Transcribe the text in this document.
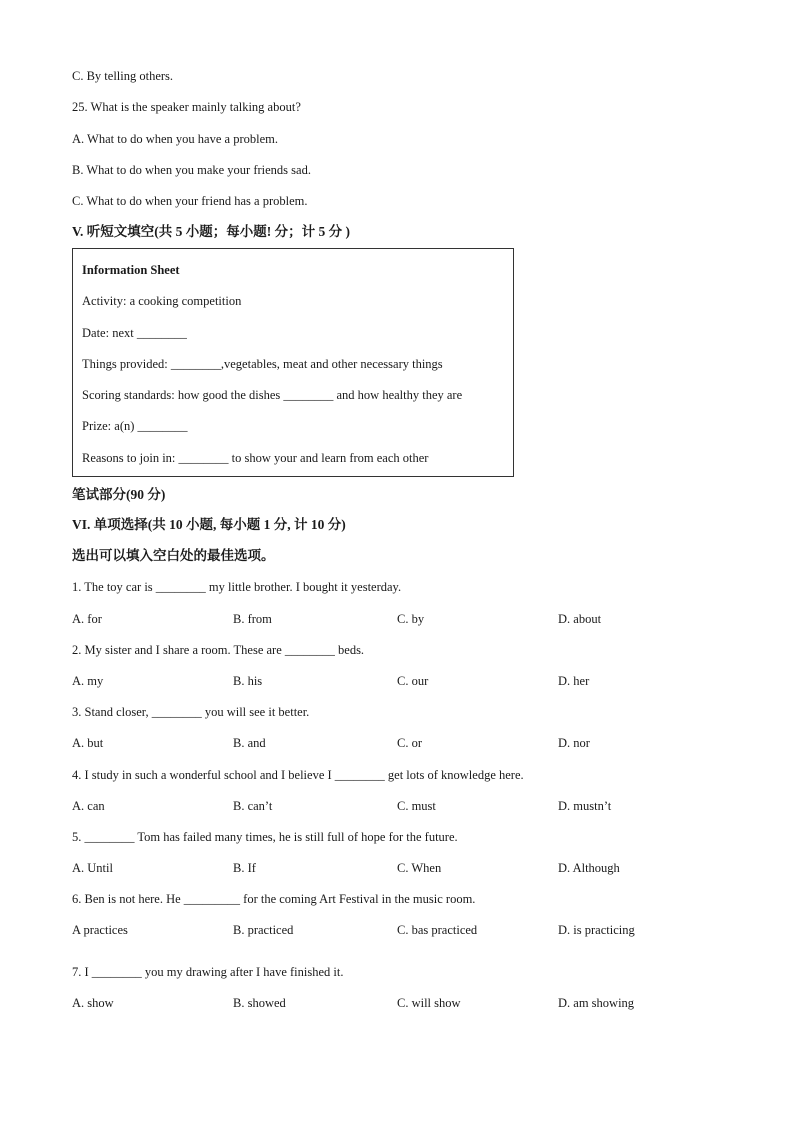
C. By telling others.
25. What is the speaker mainly talking about?
A. What to do when you have a problem.
B. What to do when you make your friends sad.
C. What to do when your friend has a problem.
V. 听短文填空(共 5 小题；每小题! 分；计 5 分 )
Information Sheet
Activity: a cooking competition
Date: next ________
Things provided: ________,vegetables, meat and other necessary things
Scoring standards: how good the dishes ________ and how healthy they are
Prize: a(n) ________
Reasons to join in: ________ to show your and learn from each other
笔试部分(90 分)
VI. 单项选择(共 10 小题, 每小题 1 分, 计 10 分)
选出可以填入空白处的最佳选项。
1. The toy car is ________ my little brother. I bought it yesterday.
A. for	B. from	C. by	D. about
2. My sister and I share a room. These are ________ beds.
A. my	B. his	C. our	D. her
3. Stand closer, ________ you will see it better.
A. but	B. and	C. or	D. nor
4. I study in such a wonderful school and I believe I ________ get lots of knowledge here.
A. can	B. can’t	C. must	D. mustn’t
5. ________ Tom has failed many times, he is still full of hope for the future.
A. Until	B. If	C. When	D. Although
6. Ben is not here. He _________ for the coming Art Festival in the music room.
A practices	B. practiced	C. bas practiced	D. is practicing
7. I ________ you my drawing after I have finished it.
A. show	B. showed	C. will show	D. am showing
